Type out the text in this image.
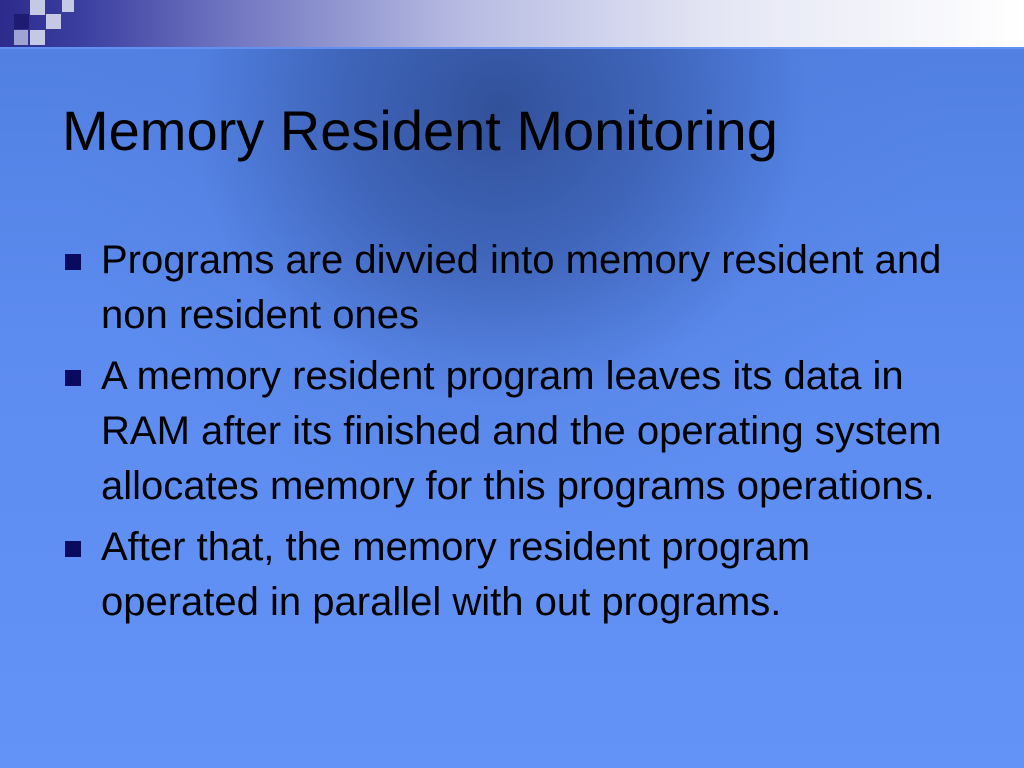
Memory Resident Monitoring
Programs are divvied into memory resident and non resident ones
A memory resident program leaves its data in RAM after its finished and the operating system allocates memory for this programs operations.
After that, the memory resident program operated in parallel with out programs.
